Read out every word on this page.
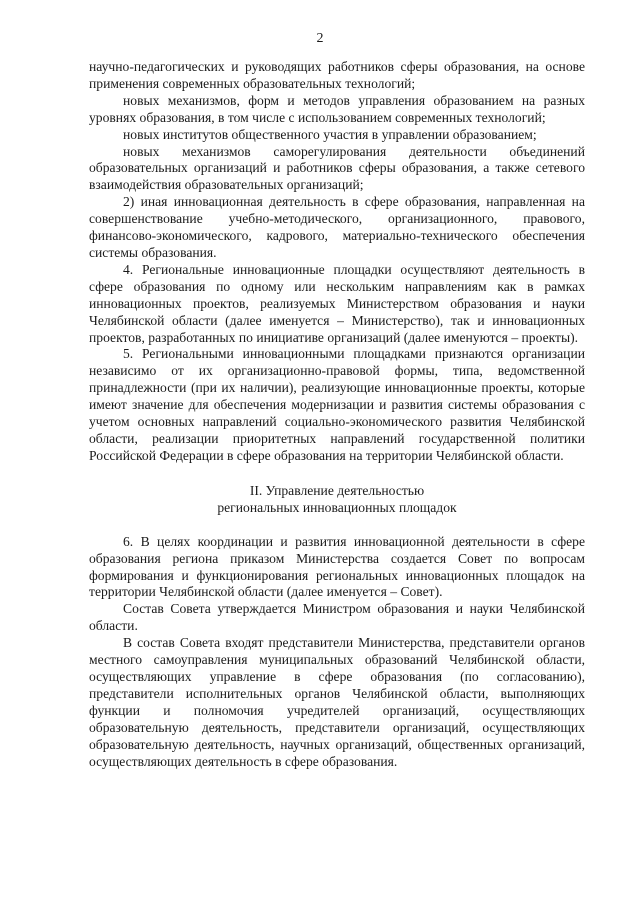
2

научно-педагогических и руководящих работников сферы образования, на основе применения современных образовательных технологий;

новых механизмов, форм и методов управления образованием на разных уровнях образования, в том числе с использованием современных технологий;

новых институтов общественного участия в управлении образованием;

новых механизмов саморегулирования деятельности объединений образовательных организаций и работников сферы образования, а также сетевого взаимодействия образовательных организаций;

2) иная инновационная деятельность в сфере образования, направленная на совершенствование учебно-методического, организационного, правового, финансово-экономического, кадрового, материально-технического обеспечения системы образования.

4. Региональные инновационные площадки осуществляют деятельность в сфере образования по одному или нескольким направлениям как в рамках инновационных проектов, реализуемых Министерством образования и науки Челябинской области (далее именуется – Министерство), так и инновационных проектов, разработанных по инициативе организаций (далее именуются – проекты).

5. Региональными инновационными площадками признаются организации независимо от их организационно-правовой формы, типа, ведомственной принадлежности (при их наличии), реализующие инновационные проекты, которые имеют значение для обеспечения модернизации и развития системы образования с учетом основных направлений социально-экономического развития Челябинской области, реализации приоритетных направлений государственной политики Российской Федерации в сфере образования на территории Челябинской области.

II. Управление деятельностью
региональных инновационных площадок

6. В целях координации и развития инновационной деятельности в сфере образования региона приказом Министерства создается Совет по вопросам формирования и функционирования региональных инновационных площадок на территории Челябинской области (далее именуется – Совет).

Состав Совета утверждается Министром образования и науки Челябинской области.

В состав Совета входят представители Министерства, представители органов местного самоуправления муниципальных образований Челябинской области, осуществляющих управление в сфере образования (по согласованию), представители исполнительных органов Челябинской области, выполняющих функции и полномочия учредителей организаций, осуществляющих образовательную деятельность, представители организаций, осуществляющих образовательную деятельность, научных организаций, общественных организаций, осуществляющих деятельность в сфере образования.
